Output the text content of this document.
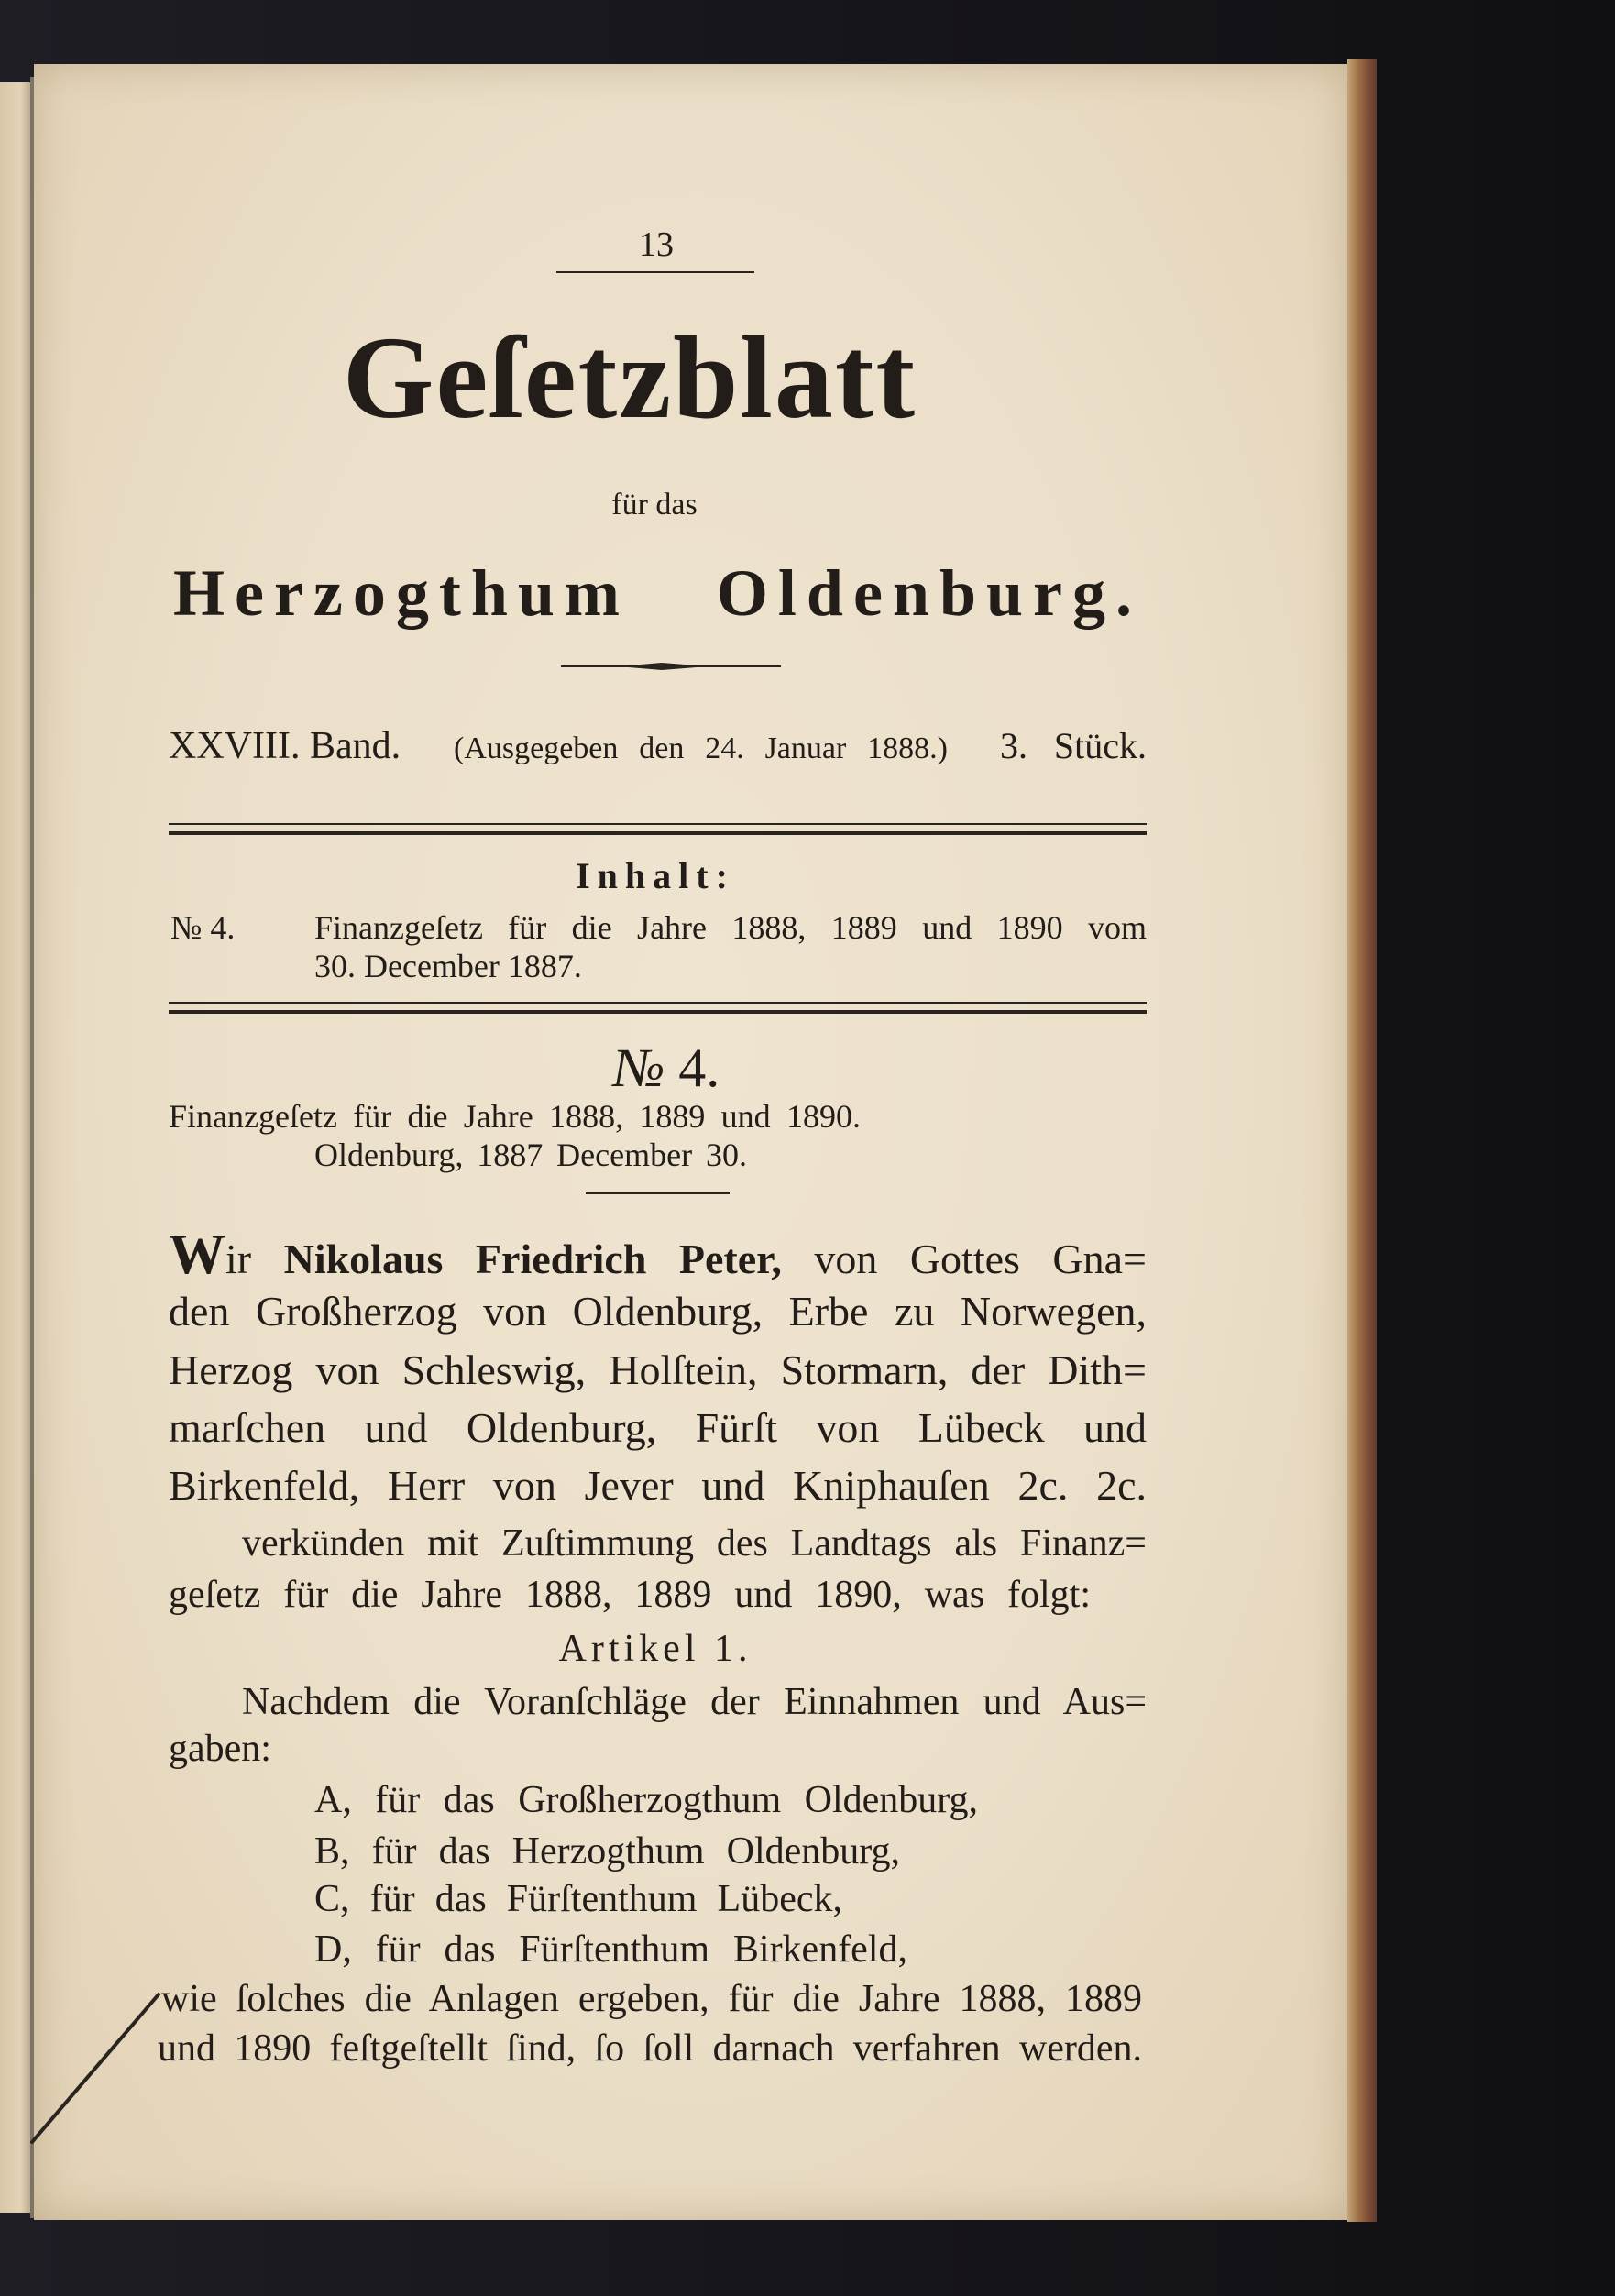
13
Geſetzblatt
für das
Herzogthum Oldenburg.
XXVIII. Band. (Ausgegeben den 24. Januar 1888.) 3. Stück.
Inhalt:
№ 4. Finanzgeſetz für die Jahre 1888, 1889 und 1890 vom
30. December 1887.
№ 4.
Finanzgeſetz für die Jahre 1888, 1889 und 1890.
Oldenburg, 1887 December 30.
Wir Nikolaus Friedrich Peter, von Gottes Gna=
den Großherzog von Oldenburg, Erbe zu Norwegen,
Herzog von Schleswig, Holſtein, Stormarn, der Dith=
marſchen und Oldenburg, Fürſt von Lübeck und
Birkenfeld, Herr von Jever und Kniphauſen 2c. 2c.
verkünden mit Zuſtimmung des Landtags als Finanz=
geſetz für die Jahre 1888, 1889 und 1890, was folgt:
Artikel 1.
Nachdem die Voranſchläge der Einnahmen und Aus=
gaben:
A, für das Großherzogthum Oldenburg,
B, für das Herzogthum Oldenburg,
C, für das Fürſtenthum Lübeck,
D, für das Fürſtenthum Birkenfeld,
wie ſolches die Anlagen ergeben, für die Jahre 1888, 1889
und 1890 feſtgeſtellt ſind, ſo ſoll darnach verfahren werden.
